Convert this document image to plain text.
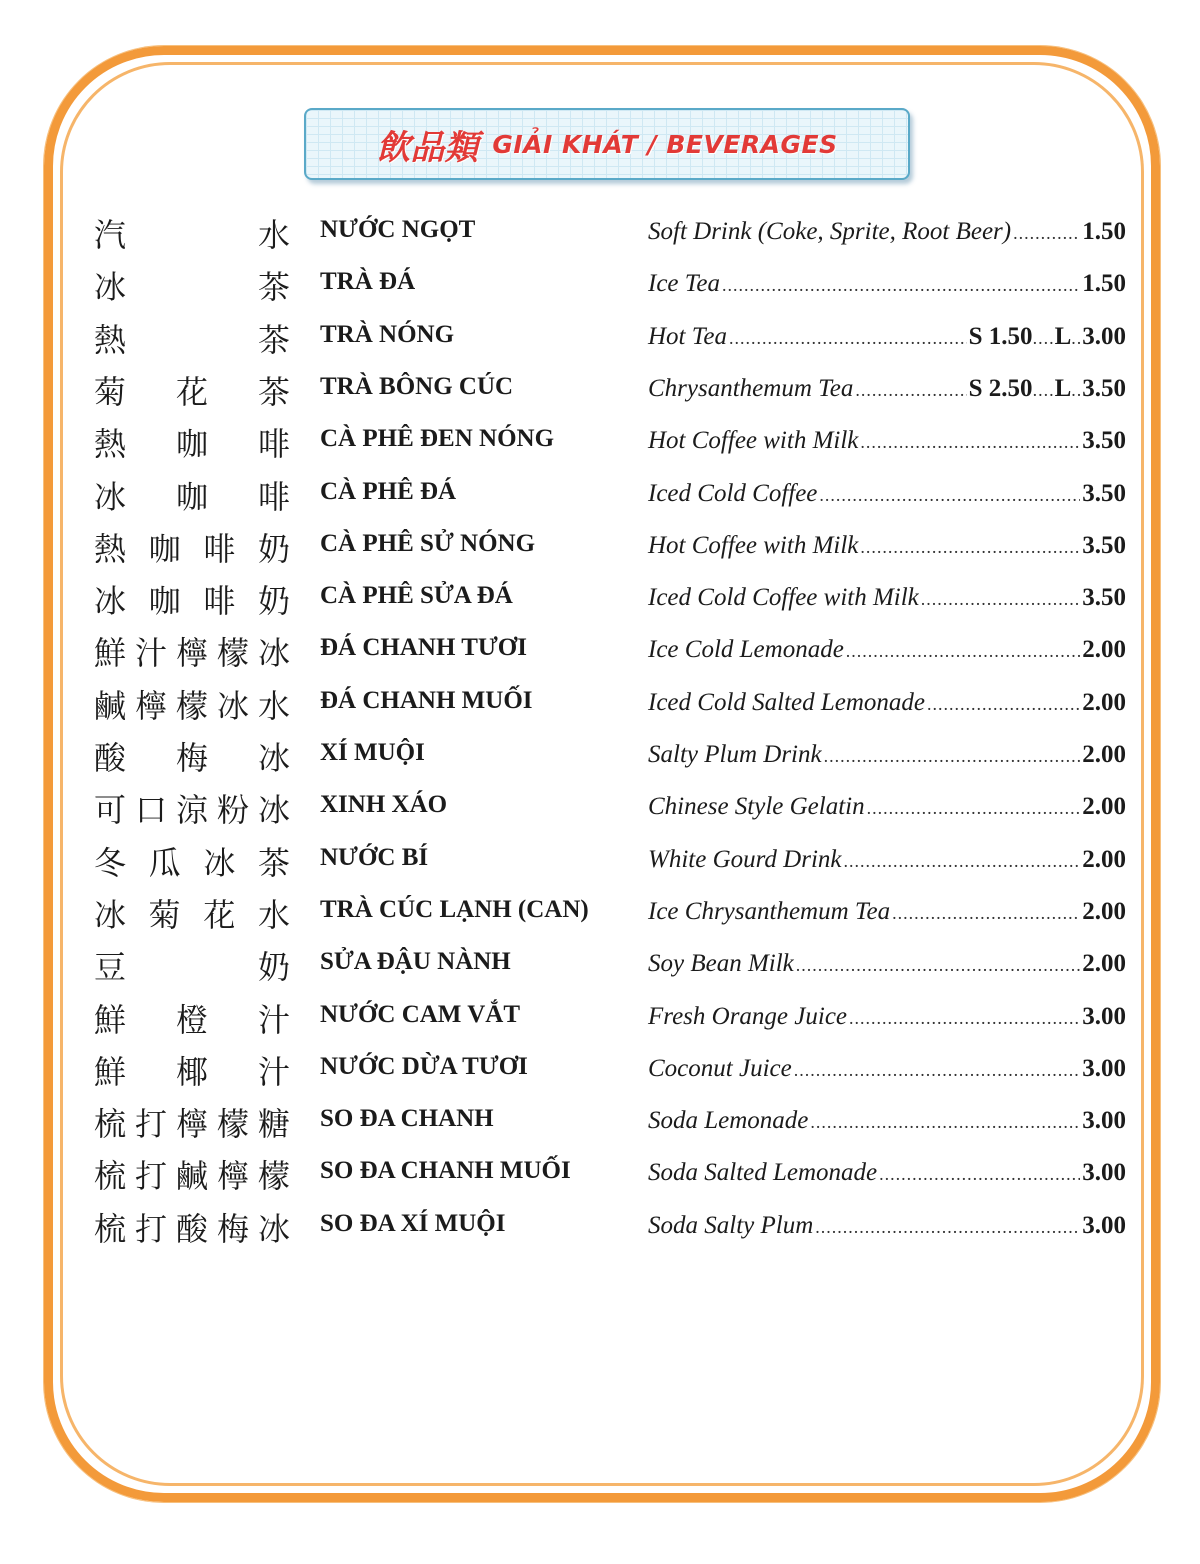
飲品類 GIẢI KHÁT / BEVERAGES
汽　水 NƯỚC NGỌT	Soft Drink (Coke, Sprite, Root Beer) .....	1.50
冰　茶 TRÀ ĐÁ	Ice Tea .....	1.50
熱　茶 TRÀ NÓNG	Hot Tea .....	S 1.50 .... L .. 3.00
菊花茶 TRÀ BÔNG CÚC	Chrysanthemum Tea .....	S 2.50 .... L .. 3.50
熱咖啡 CÀ PHÊ ĐEN NÓNG	Hot Coffee with Milk .....	3.50
冰咖啡 CÀ PHÊ ĐÁ	Iced Cold Coffee .....	3.50
熱咖啡奶 CÀ PHÊ SỬ NÓNG	Hot Coffee with Milk .....	3.50
冰咖啡奶 CÀ PHÊ SỬA ĐÁ	Iced Cold Coffee with Milk .....	3.50
鮮汁檸檬冰 ĐÁ CHANH TƯƠI	Ice Cold Lemonade .....	2.00
鹹檸檬冰水 ĐÁ CHANH MUỐI	Iced Cold Salted Lemonade .....	2.00
酸梅冰 XÍ MUỘI	Salty Plum Drink .....	2.00
可口涼粉冰 XINH XÁO	Chinese Style Gelatin .....	2.00
冬瓜冰茶 NƯỚC BÍ	White Gourd Drink .....	2.00
冰菊花水 TRÀ CÚC LẠNH (CAN) Ice Chrysanthemum Tea .....	2.00
豆　奶 SỬA ĐẬU NÀNH	Soy Bean Milk .....	2.00
鮮橙汁 NƯỚC CAM VẮT	Fresh Orange Juice .....	3.00
鮮椰汁 NƯỚC DỪA TƯƠI	Coconut Juice .....	3.00
梳打檸檬糖 SO ĐA CHANH	Soda Lemonade .....	3.00
梳打鹹檸檬 SO ĐA CHANH MUỐI	Soda Salted Lemonade .....	3.00
梳打酸梅冰 SO ĐA XÍ MUỘI	Soda Salty Plum .....	3.00
